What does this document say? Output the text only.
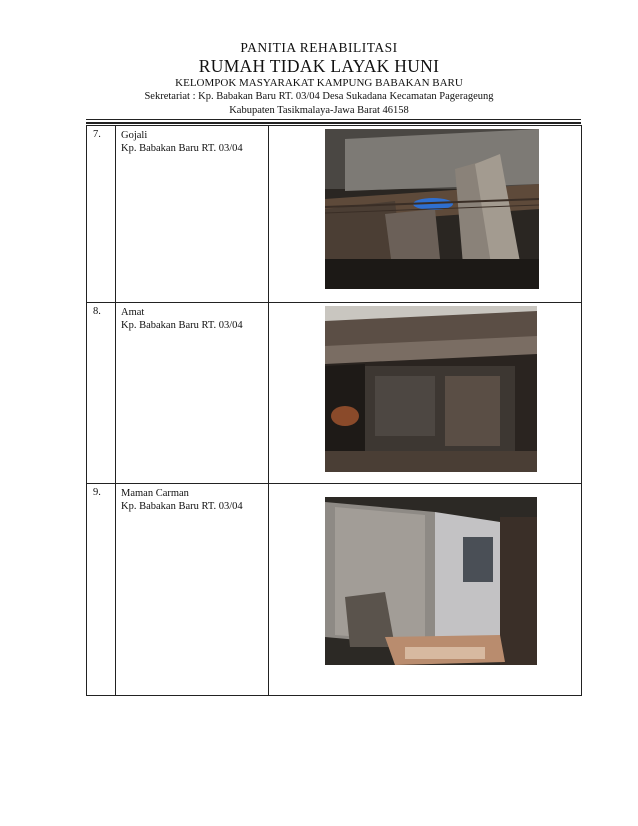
PANITIA REHABILITASI
RUMAH TIDAK LAYAK HUNI
KELOMPOK MASYARAKAT KAMPUNG BABAKAN BARU
Sekretariat : Kp. Babakan Baru RT. 03/04 Desa Sukadana Kecamatan Pagerageung
Kabupaten Tasikmalaya-Jawa Barat 46158
7.	Gojali
Kp. Babakan Baru RT. 03/04

8.	Amat
Kp. Babakan Baru RT. 03/04

9.	Maman Carman
Kp. Babakan Baru RT. 03/04
